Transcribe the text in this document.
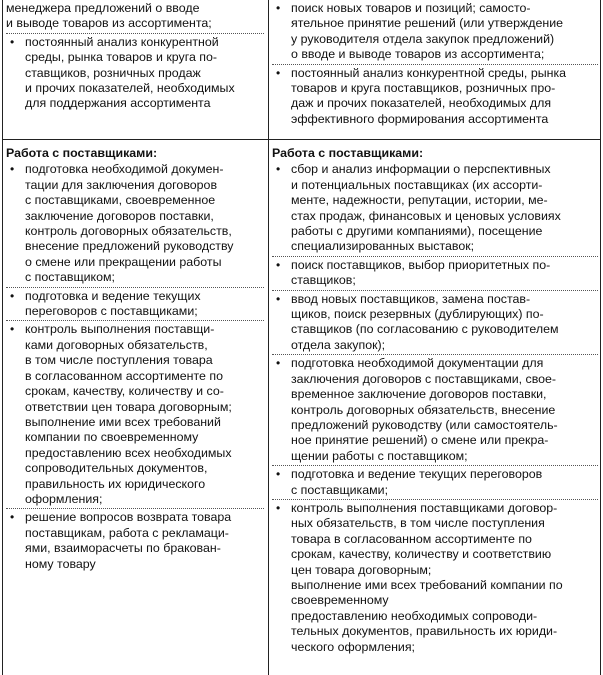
менеджера предложений о вводе
и выводе товаров из ассортимента;

• постоянный анализ конкурентной
среды, рынка товаров и круга по-
ставщиков, розничных продаж
и прочих показателей, необходимых
для поддержания ассортимента
• поиск новых товаров и позиций; самосто-
ятельное принятие решений (или утверждение
у руководителя отдела закупок предложений)
о вводе и выводе товаров из ассортимента;
• постоянный анализ конкурентной среды, рынка
товаров и круга поставщиков, розничных про-
даж и прочих показателей, необходимых для
эффективного формирования ассортимента

Работа с поставщиками:

• подготовка необходимой докумен-
тации для заключения договоров
с поставщиками, своевременное
заключение договоров поставки,
контроль договорных обязательств,
внесение предложений руководству
о смене или прекращении работы
с поставщиком;
• подготовка и ведение текущих
переговоров с поставщиками;
• контроль выполнения поставщи-
ками договорных обязательств,
в том числе поступления товара
в согласованном ассортименте по
срокам, качеству, количеству и со-
ответствии цен товара договорным;
выполнение ими всех требований
компании по своевременному
предоставлению всех необходимых
сопроводительных документов,
правильность их юридического
оформления;
• решение вопросов возврата товара
поставщикам, работа с рекламаци-
ями, взаиморасчеты по бракован-
ному товару

Работа с поставщиками:

• сбор и анализ информации о перспективных
и потенциальных поставщиках (их ассорти-
менте, надежности, репутации, истории, ме-
стах продаж, финансовых и ценовых условиях
работы с другими компаниями), посещение
специализированных выставок;
• поиск поставщиков, выбор приоритетных по-
ставщиков;
• ввод новых поставщиков, замена постав-
щиков, поиск резервных (дублирующих) по-
ставщиков (по согласованию с руководителем
отдела закупок);
• подготовка необходимой документации для
заключения договоров с поставщиками, свое-
временное заключение договоров поставки,
контроль договорных обязательств, внесение
предложений руководству (или самостоятель-
ное принятие решений) о смене или прекра-
щении работы с поставщиком;
• подготовка и ведение текущих переговоров
с поставщиками;
• контроль выполнения поставщиками договор-
ных обязательств, в том числе поступления
товара в согласованном ассортименте по
срокам, качеству, количеству и соответствию
цен товара договорным;
выполнение ими всех требований компании по своевременному
предоставлению необходимых сопроводи-
тельных документов, правильность их юриди-
ческого оформления;
